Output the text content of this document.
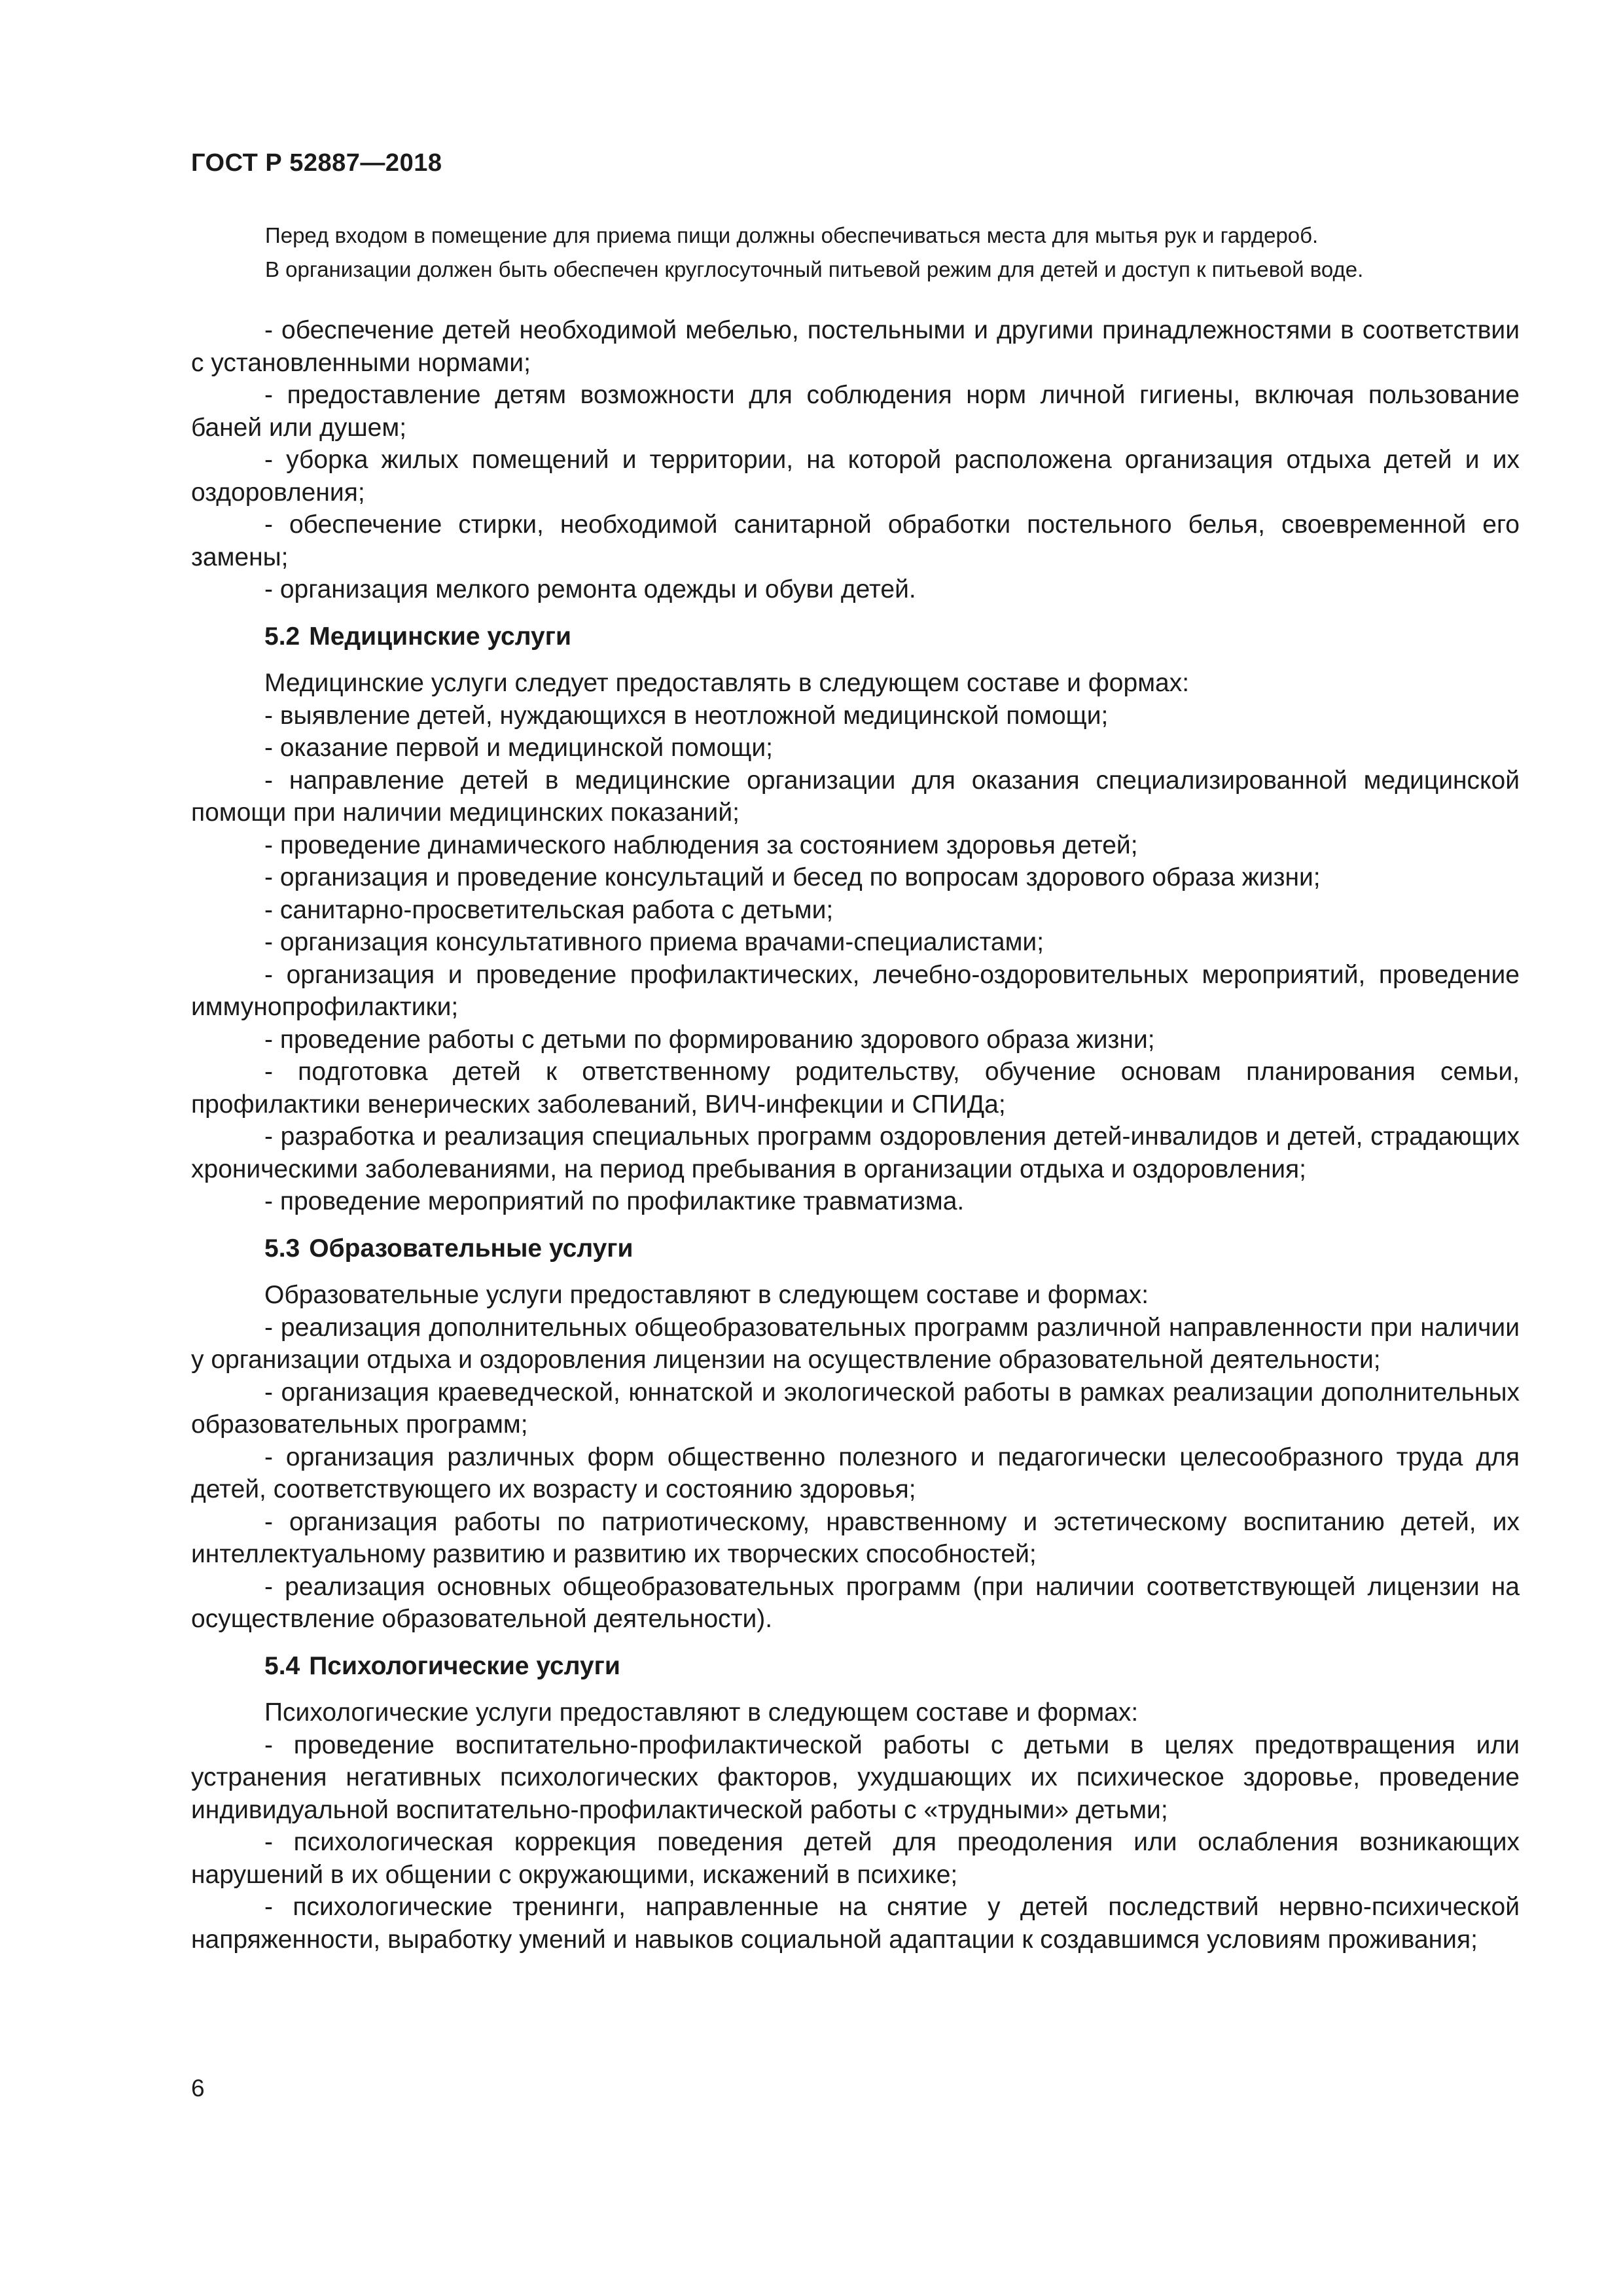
ГОСТ Р 52887—2018
Перед входом в помещение для приема пищи должны обеспечиваться места для мытья рук и гардероб.
В организации должен быть обеспечен круглосуточный питьевой режим для детей и доступ к питьевой воде.

- обеспечение детей необходимой мебелью, постельными и другими принадлежностями в соответствии с установленными нормами;

- предоставление детям возможности для соблюдения норм личной гигиены, включая пользование баней или душем;

- уборка жилых помещений и территории, на которой расположена организация отдыха детей и их оздоровления;

- обеспечение стирки, необходимой санитарной обработки постельного белья, своевременной его замены;

- организация мелкого ремонта одежды и обуви детей.

5.2 Медицинские услуги

Медицинские услуги следует предоставлять в следующем составе и формах:

- выявление детей, нуждающихся в неотложной медицинской помощи;

- оказание первой и медицинской помощи;

- направление детей в медицинские организации для оказания специализированной медицинской помощи при наличии медицинских показаний;

- проведение динамического наблюдения за состоянием здоровья детей;

- организация и проведение консультаций и бесед по вопросам здорового образа жизни;

- санитарно-просветительская работа с детьми;

- организация консультативного приема врачами-специалистами;

- организация и проведение профилактических, лечебно-оздоровительных мероприятий, проведение иммунопрофилактики;

- проведение работы с детьми по формированию здорового образа жизни;

- подготовка детей к ответственному родительству, обучение основам планирования семьи, профилактики венерических заболеваний, ВИЧ-инфекции и СПИДа;

- разработка и реализация специальных программ оздоровления детей-инвалидов и детей, страдающих хроническими заболеваниями, на период пребывания в организации отдыха и оздоровления;

- проведение мероприятий по профилактике травматизма.

5.3 Образовательные услуги

Образовательные услуги предоставляют в следующем составе и формах:

- реализация дополнительных общеобразовательных программ различной направленности при наличии у организации отдыха и оздоровления лицензии на осуществление образовательной деятельности;

- организация краеведческой, юннатской и экологической работы в рамках реализации дополнительных образовательных программ;

- организация различных форм общественно полезного и педагогически целесообразного труда для детей, соответствующего их возрасту и состоянию здоровья;

- организация работы по патриотическому, нравственному и эстетическому воспитанию детей, их интеллектуальному развитию и развитию их творческих способностей;

- реализация основных общеобразовательных программ (при наличии соответствующей лицензии на осуществление образовательной деятельности).

5.4 Психологические услуги

Психологические услуги предоставляют в следующем составе и формах:

- проведение воспитательно-профилактической работы с детьми в целях предотвращения или устранения негативных психологических факторов, ухудшающих их психическое здоровье, проведение индивидуальной воспитательно-профилактической работы с «трудными» детьми;

- психологическая коррекция поведения детей для преодоления или ослабления возникающих нарушений в их общении с окружающими, искажений в психике;

- психологические тренинги, направленные на снятие у детей последствий нервно-психической напряженности, выработку умений и навыков социальной адаптации к создавшимся условиям проживания;

6
